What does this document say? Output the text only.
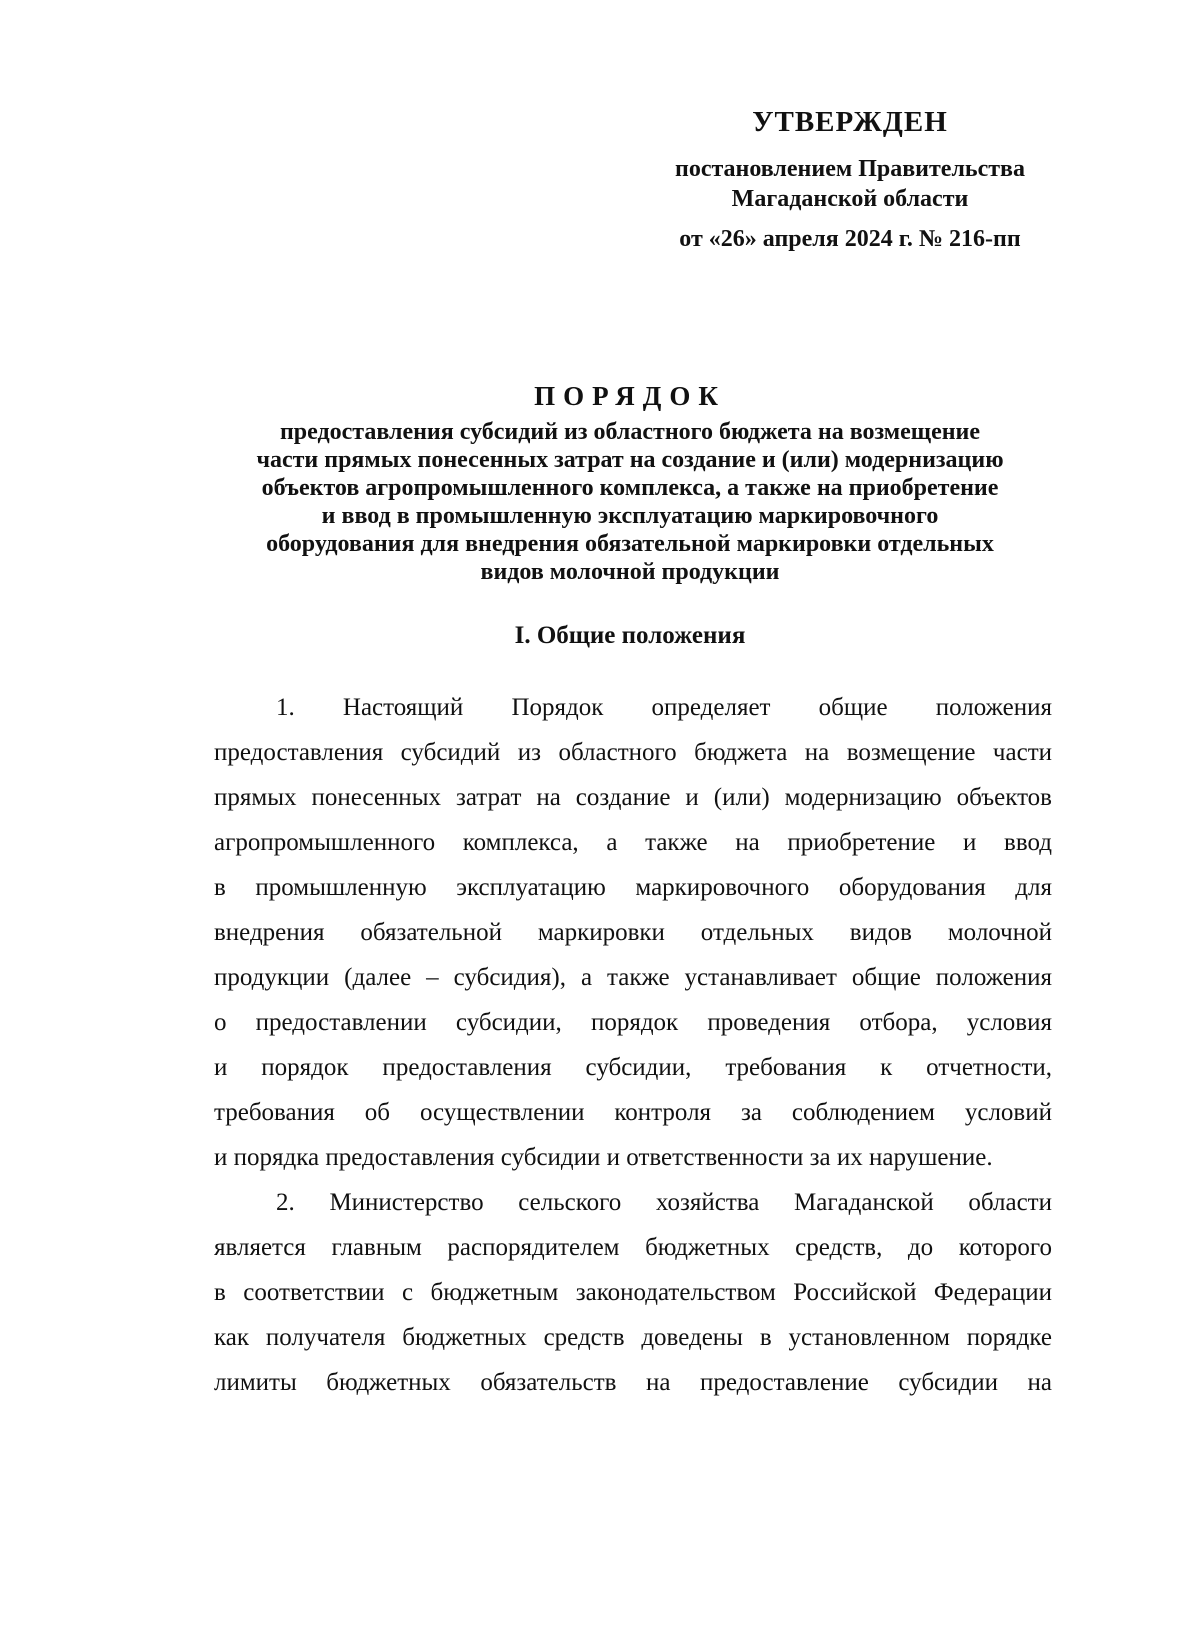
УТВЕРЖДЕН
постановлением Правительства
Магаданской области
от «26» апреля 2024 г. № 216-пп
ПОРЯДОК
предоставления субсидий из областного бюджета на возмещение
части прямых понесенных затрат на создание и (или) модернизацию
объектов агропромышленного комплекса, а также на приобретение
и ввод в промышленную эксплуатацию маркировочного
оборудования для внедрения обязательной маркировки отдельных
видов молочной продукции
I. Общие положения
1. Настоящий Порядок определяет общие положения
предоставления субсидий из областного бюджета на возмещение части
прямых понесенных затрат на создание и (или) модернизацию объектов
агропромышленного комплекса, а также на приобретение и ввод
в промышленную эксплуатацию маркировочного оборудования для
внедрения обязательной маркировки отдельных видов молочной
продукции (далее – субсидия), а также устанавливает общие положения
о предоставлении субсидии, порядок проведения отбора, условия
и порядок предоставления субсидии, требования к отчетности,
требования об осуществлении контроля за соблюдением условий
и порядка предоставления субсидии и ответственности за их нарушение.
2. Министерство сельского хозяйства Магаданской области
является главным распорядителем бюджетных средств, до которого
в соответствии с бюджетным законодательством Российской Федерации
как получателя бюджетных средств доведены в установленном порядке
лимиты бюджетных обязательств на предоставление субсидии на
